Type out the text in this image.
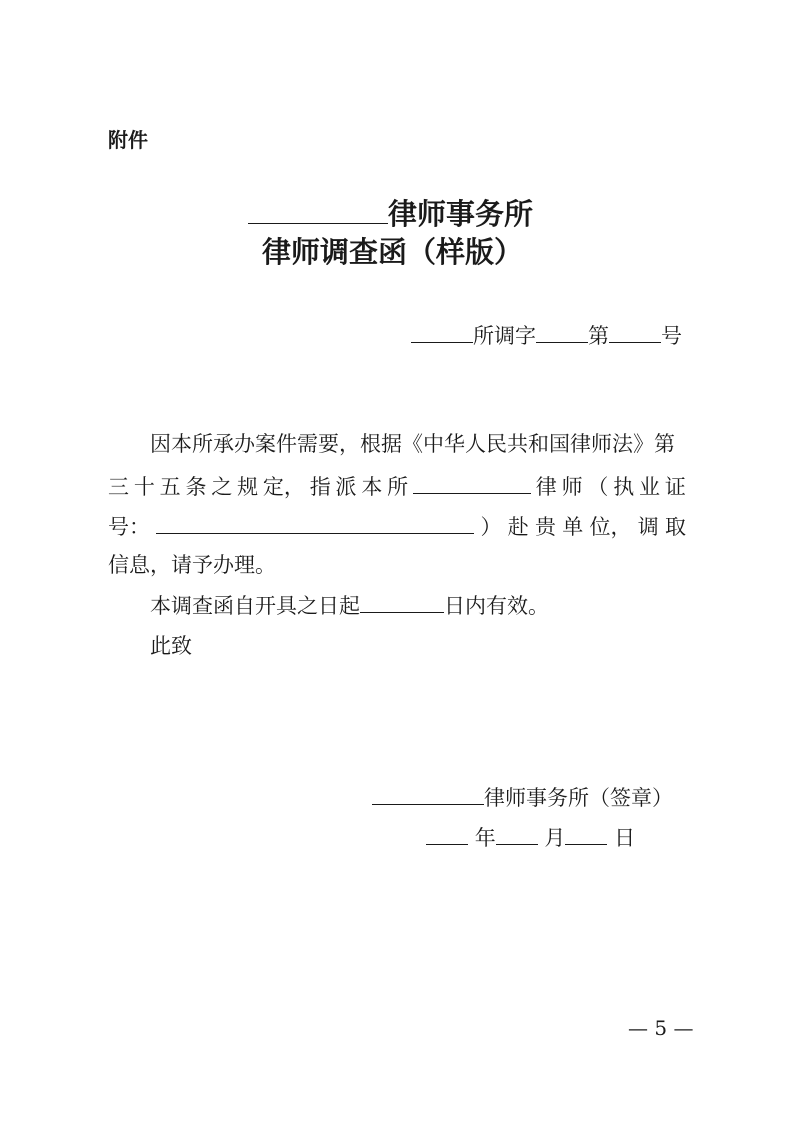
附件
律师事务所
律师调查函（样版）
所调字 第 号
因本所承办案件需要，根据《中华人民共和国律师法》第
三 十 五 条 之 规 定， 指 派 本 所	律 师 （ 执 业 证
号：	） 赴 贵 单 位， 调 取
信息，请予办理。
本调查函自开具之日起	日内有效。
此致
律师事务所（签章）
年 月 日
— 5 —
